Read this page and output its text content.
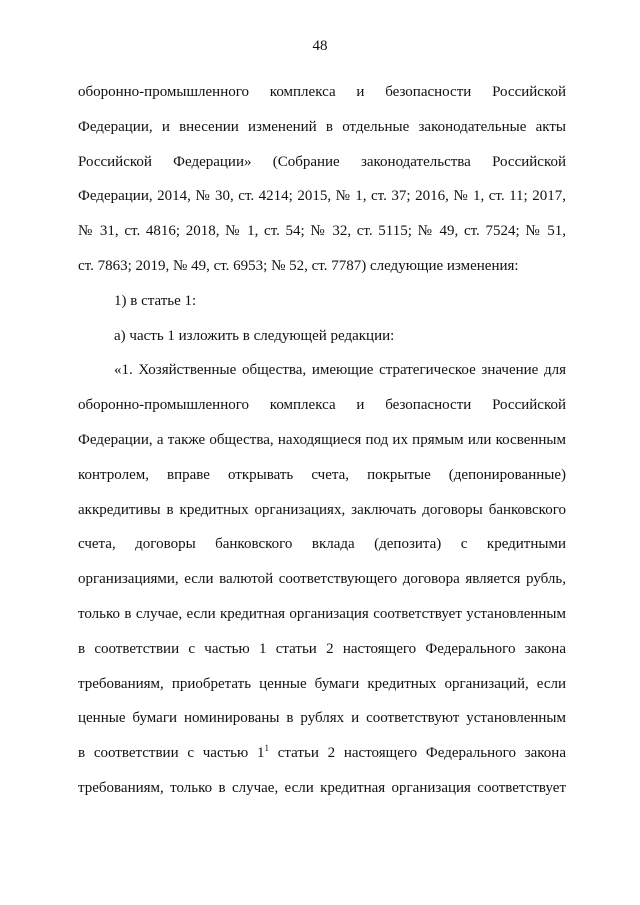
48
оборонно-промышленного комплекса и безопасности Российской
Федерации, и внесении изменений в отдельные законодательные акты
Российской Федерации» (Собрание законодательства Российской
Федерации, 2014, № 30, ст. 4214; 2015, № 1, ст. 37; 2016, № 1, ст. 11; 2017,
№ 31, ст. 4816; 2018, № 1, ст. 54; № 32, ст. 5115; № 49, ст. 7524; № 51,
ст. 7863; 2019, № 49, ст. 6953; № 52, ст. 7787) следующие изменения:
1) в статье 1:
а) часть 1 изложить в следующей редакции:
«1. Хозяйственные общества, имеющие стратегическое значение для
оборонно-промышленного комплекса и безопасности Российской
Федерации, а также общества, находящиеся под их прямым или косвенным
контролем, вправе открывать счета, покрытые (депонированные)
аккредитивы в кредитных организациях, заключать договоры банковского
счета, договоры банковского вклада (депозита) с кредитными
организациями, если валютой соответствующего договора является рубль,
только в случае, если кредитная организация соответствует установленным
в соответствии с частью 1 статьи 2 настоящего Федерального закона
требованиям, приобретать ценные бумаги кредитных организаций, если
ценные бумаги номинированы в рублях и соответствуют установленным
в соответствии с частью $1^1$ статьи 2 настоящего Федерального закона
требованиям, только в случае, если кредитная организация соответствует
